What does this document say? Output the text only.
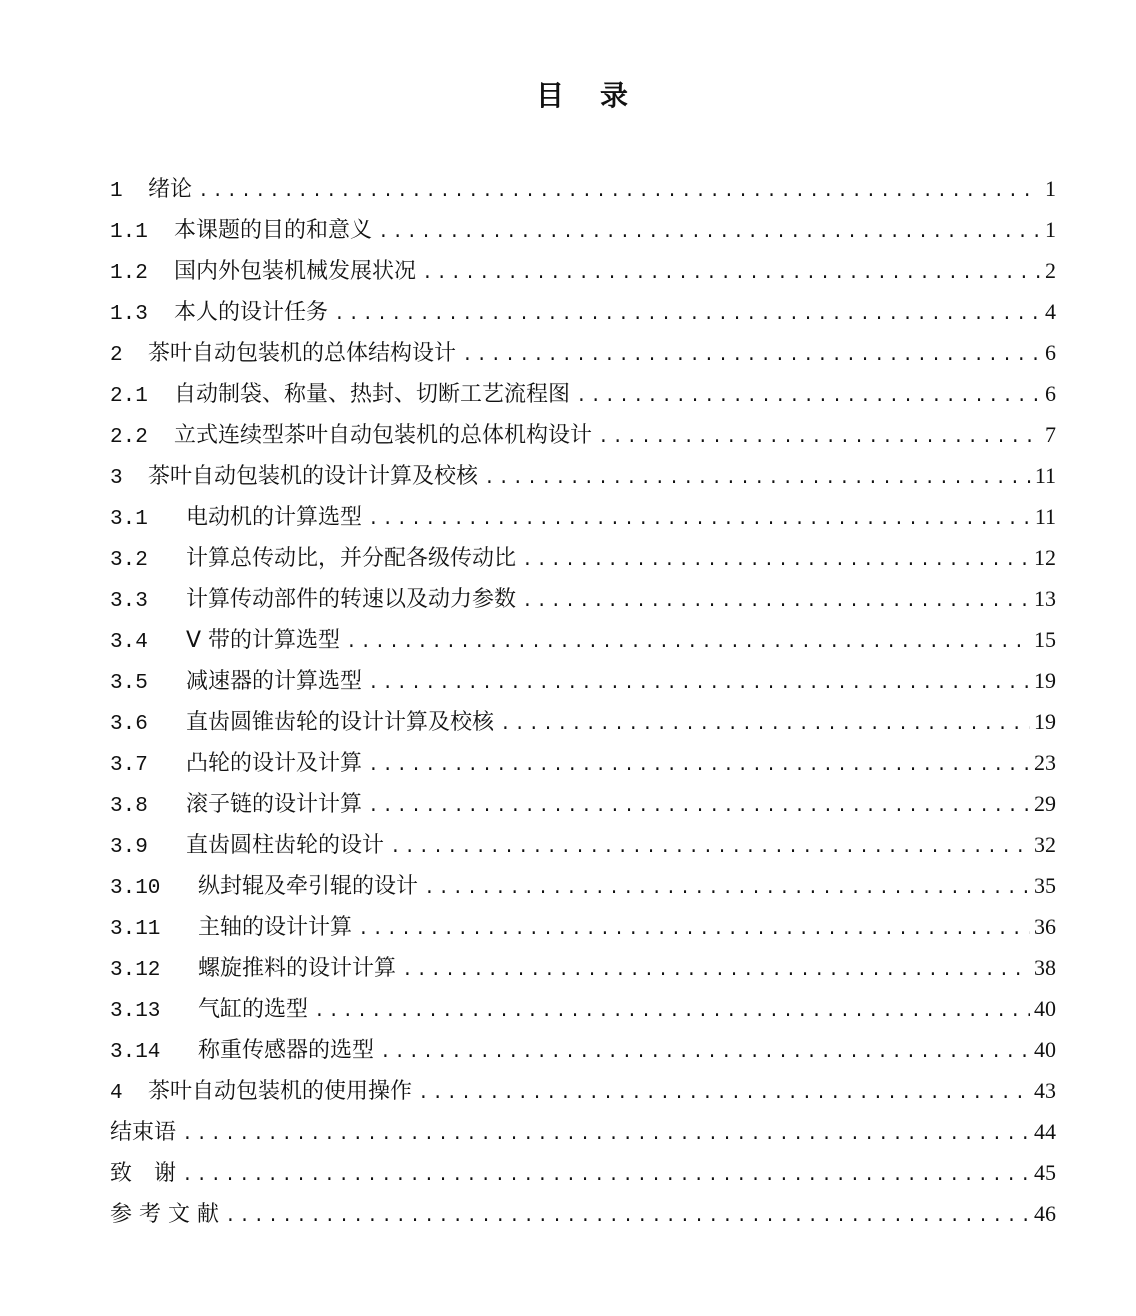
目 录
1	绪论 .....	1
1.1	本课题的目的和意义 .....	1
1.2	国内外包装机械发展状况 .....	2
1.3	本人的设计任务 .....	4
2	茶叶自动包装机的总体结构设计 .....	6
2.1	自动制袋、称量、热封、切断工艺流程图 .....	6
2.2	立式连续型茶叶自动包装机的总体机构设计 .....	7
3	茶叶自动包装机的设计计算及校核 .....	11
3.1	电动机的计算选型 .....	11
3.2	计算总传动比，并分配各级传动比 .....	12
3.3	计算传动部件的转速以及动力参数 .....	13
3.4	V 带的计算选型 .....	15
3.5	减速器的计算选型 .....	19
3.6	直齿圆锥齿轮的设计计算及校核 .....	19
3.7	凸轮的设计及计算 .....	23
3.8	滚子链的设计计算 .....	29
3.9	直齿圆柱齿轮的设计 .....	32
3.10	纵封辊及牵引辊的设计 .....	35
3.11	主轴的设计计算 .....	36
3.12	螺旋推料的设计计算 .....	38
3.13	气缸的选型 .....	40
3.14	称重传感器的选型 .....	40
4	茶叶自动包装机的使用操作 .....	43
结束语 .....	44
致　谢 .....	45
参 考 文 献 .....	46
